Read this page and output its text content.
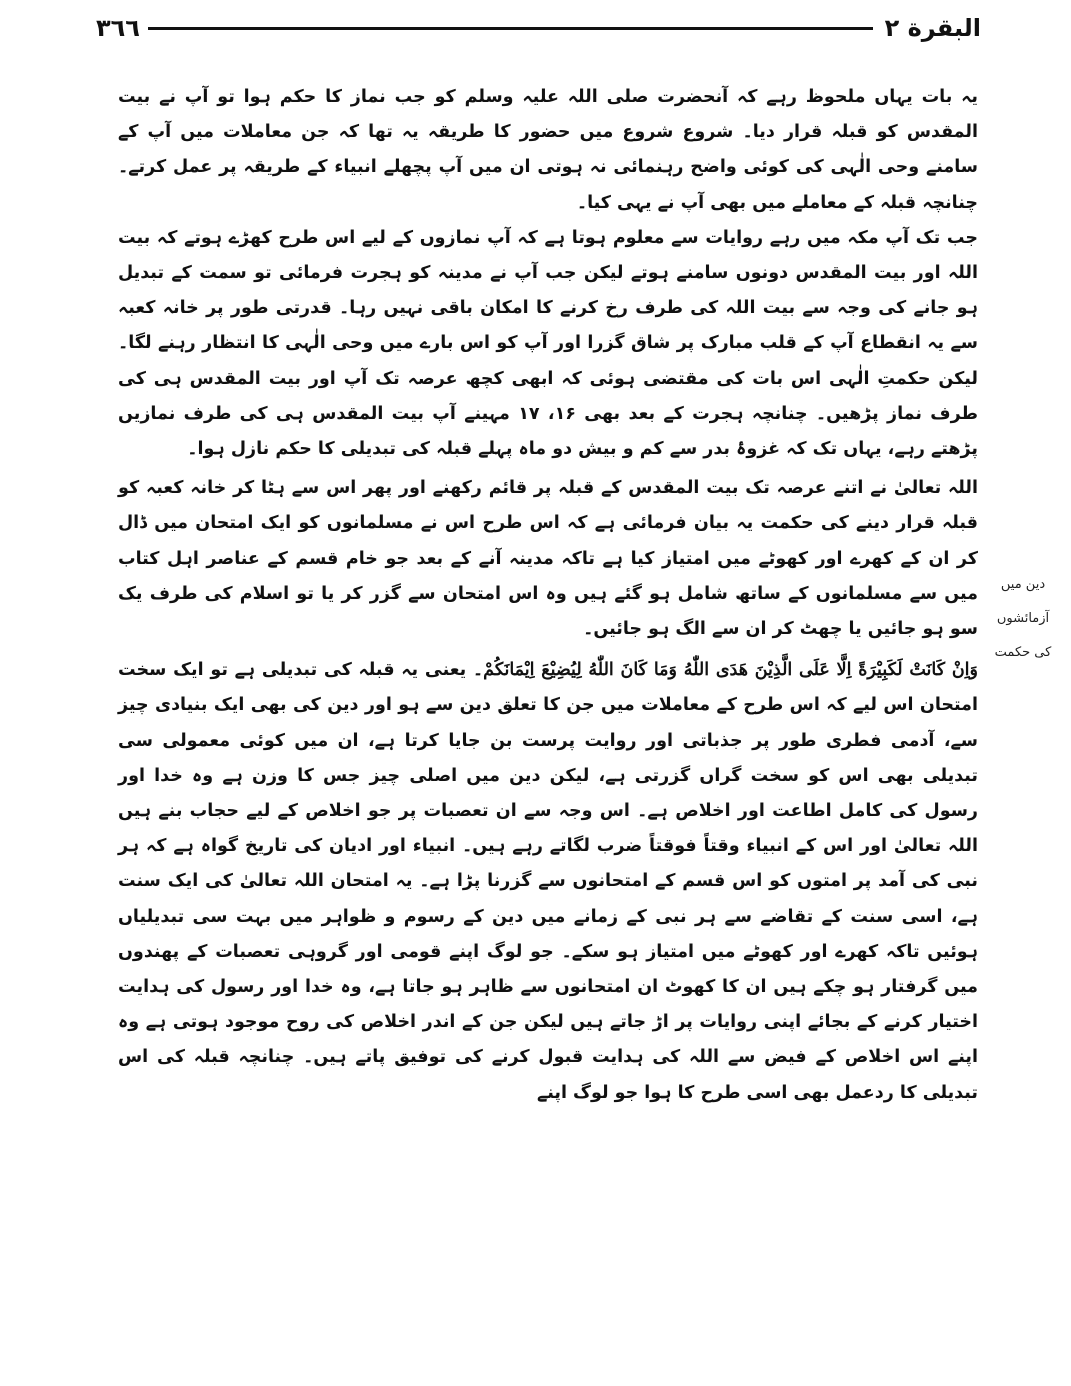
البقرة ٢
٣٦٦

یہ بات یہاں ملحوظ رہے کہ آنحضرت صلی اللہ علیہ وسلم کو جب نماز کا حکم ہوا تو آپ نے بیت المقدس کو قبلہ قرار دیا۔ شروع شروع میں حضور کا طریقہ یہ تھا کہ جن معاملات میں آپ کے سامنے وحی الٰہی کی کوئی واضح رہنمائی نہ ہوتی ان میں آپ پچھلے انبیاء کے طریقہ پر عمل کرتے۔ چنانچہ قبلہ کے معاملے میں بھی آپ نے یہی کیا۔

جب تک آپ مکہ میں رہے روایات سے معلوم ہوتا ہے کہ آپ نمازوں کے لیے اس طرح کھڑے ہوتے کہ بیت اللہ اور بیت المقدس دونوں سامنے ہوتے لیکن جب آپ نے مدینہ کو ہجرت فرمائی تو سمت کے تبدیل ہو جانے کی وجہ سے بیت اللہ کی طرف رخ کرنے کا امکان باقی نہیں رہا۔ قدرتی طور پر خانہ کعبہ سے یہ انقطاع آپ کے قلب مبارک پر شاق گزرا اور آپ کو اس بارے میں وحی الٰہی کا انتظار رہنے لگا۔ لیکن حکمتِ الٰہی اس بات کی مقتضی ہوئی کہ ابھی کچھ عرصہ تک آپ اور بیت المقدس ہی کی طرف نماز پڑھیں۔ چنانچہ ہجرت کے بعد بھی ۱۶، ۱۷ مہینے آپ بیت المقدس ہی کی طرف نمازیں پڑھتے رہے، یہاں تک کہ غزوۂ بدر سے کم و بیش دو ماہ پہلے قبلہ کی تبدیلی کا حکم نازل ہوا۔

اللہ تعالیٰ نے اتنے عرصہ تک بیت المقدس کے قبلہ پر قائم رکھنے اور پھر اس سے ہٹا کر خانہ کعبہ کو قبلہ قرار دینے کی حکمت یہ بیان فرمائی ہے کہ اس طرح اس نے مسلمانوں کو ایک امتحان میں ڈال کر ان کے کھرے اور کھوٹے میں امتیاز کیا ہے تاکہ مدینہ آنے کے بعد جو خام قسم کے عناصر اہل کتاب میں سے مسلمانوں کے ساتھ شامل ہو گئے ہیں وہ اس امتحان سے گزر کر یا تو اسلام کی طرف یک سو ہو جائیں یا چھٹ کر ان سے الگ ہو جائیں۔

وَاِنْ كَانَتْ لَكَبِیْرَةً اِلَّا عَلَى الَّذِیْنَ هَدَى اللّٰهُ وَمَا كَانَ اللّٰهُ لِیُضِیْعَ اِیْمَانَكُمْ۔ یعنی یہ قبلہ کی تبدیلی ہے تو ایک سخت امتحان اس لیے کہ اس طرح کے معاملات میں جن کا تعلق دین سے ہو اور دین کی بھی ایک بنیادی چیز سے، آدمی فطری طور پر جذباتی اور روایت پرست بن جایا کرتا ہے، ان میں کوئی معمولی سی تبدیلی بھی اس کو سخت گراں گزرتی ہے، لیکن دین میں اصلی چیز جس کا وزن ہے وہ خدا اور رسول کی کامل اطاعت اور اخلاص ہے۔ اس وجہ سے ان تعصبات پر جو اخلاص کے لیے حجاب بنے ہیں اللہ تعالیٰ اور اس کے انبیاء وقتاً فوقتاً ضرب لگاتے رہے ہیں۔ انبیاء اور ادیان کی تاریخ گواہ ہے کہ ہر نبی کی آمد پر امتوں کو اس قسم کے امتحانوں سے گزرنا پڑا ہے۔ یہ امتحان اللہ تعالیٰ کی ایک سنت ہے، اسی سنت کے تقاضے سے ہر نبی کے زمانے میں دین کے رسوم و ظواہر میں بہت سی تبدیلیاں ہوئیں تاکہ کھرے اور کھوٹے میں امتیاز ہو سکے۔ جو لوگ اپنے قومی اور گروہی تعصبات کے پھندوں میں گرفتار ہو چکے ہیں ان کا کھوٹ ان امتحانوں سے ظاہر ہو جاتا ہے، وہ خدا اور رسول کی ہدایت اختیار کرنے کے بجائے اپنی روایات پر اڑ جاتے ہیں لیکن جن کے اندر اخلاص کی روح موجود ہوتی ہے وہ اپنے اس اخلاص کے فیض سے اللہ کی ہدایت قبول کرنے کی توفیق پاتے ہیں۔ چنانچہ قبلہ کی اس تبدیلی کا ردعمل بھی اسی طرح کا ہوا جو لوگ اپنے

دین میں
آزمائشوں
کی حکمت
